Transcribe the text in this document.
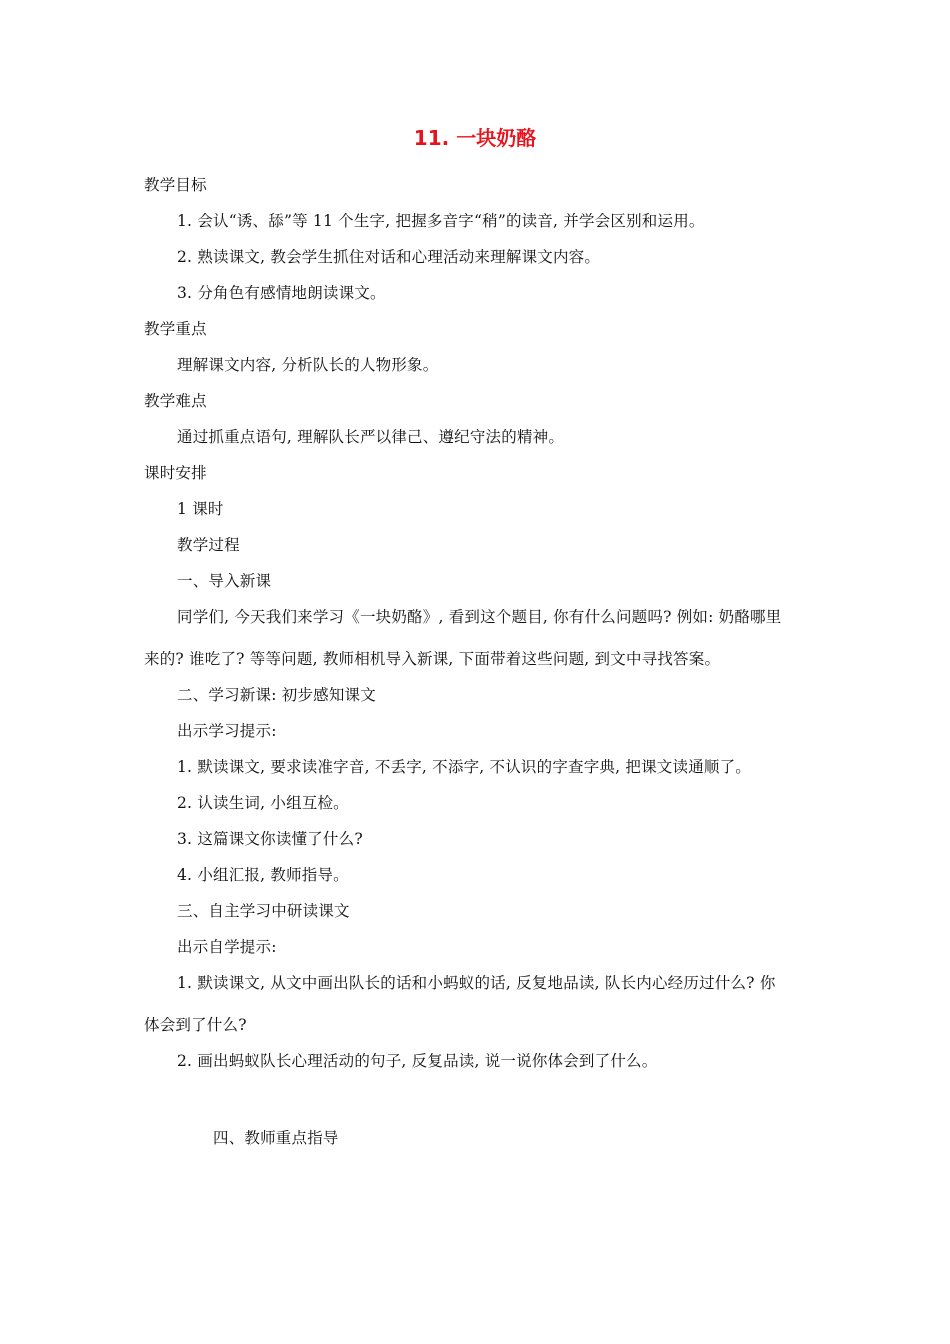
11. 一块奶酪
教学目标
1. 会认“诱、舔”等 11 个生字, 把握多音字“稍”的读音, 并学会区别和运用。
2. 熟读课文, 教会学生抓住对话和心理活动来理解课文内容。
3. 分角色有感情地朗读课文。
教学重点
理解课文内容, 分析队长的人物形象。
教学难点
通过抓重点语句, 理解队长严以律己、遵纪守法的精神。
课时安排
1 课时
教学过程
一、导入新课
同学们, 今天我们来学习《一块奶酪》, 看到这个题目, 你有什么问题吗? 例如: 奶酪哪里
来的? 谁吃了? 等等问题, 教师相机导入新课, 下面带着这些问题, 到文中寻找答案。
二、学习新课: 初步感知课文
出示学习提示:
1. 默读课文, 要求读准字音, 不丢字, 不添字, 不认识的字查字典, 把课文读通顺了。
2. 认读生词, 小组互检。
3. 这篇课文你读懂了什么?
4. 小组汇报, 教师指导。
三、自主学习中研读课文
出示自学提示:
1. 默读课文, 从文中画出队长的话和小蚂蚁的话, 反复地品读, 队长内心经历过什么? 你
体会到了什么?
2. 画出蚂蚁队长心理活动的句子, 反复品读, 说一说你体会到了什么。
四、教师重点指导
